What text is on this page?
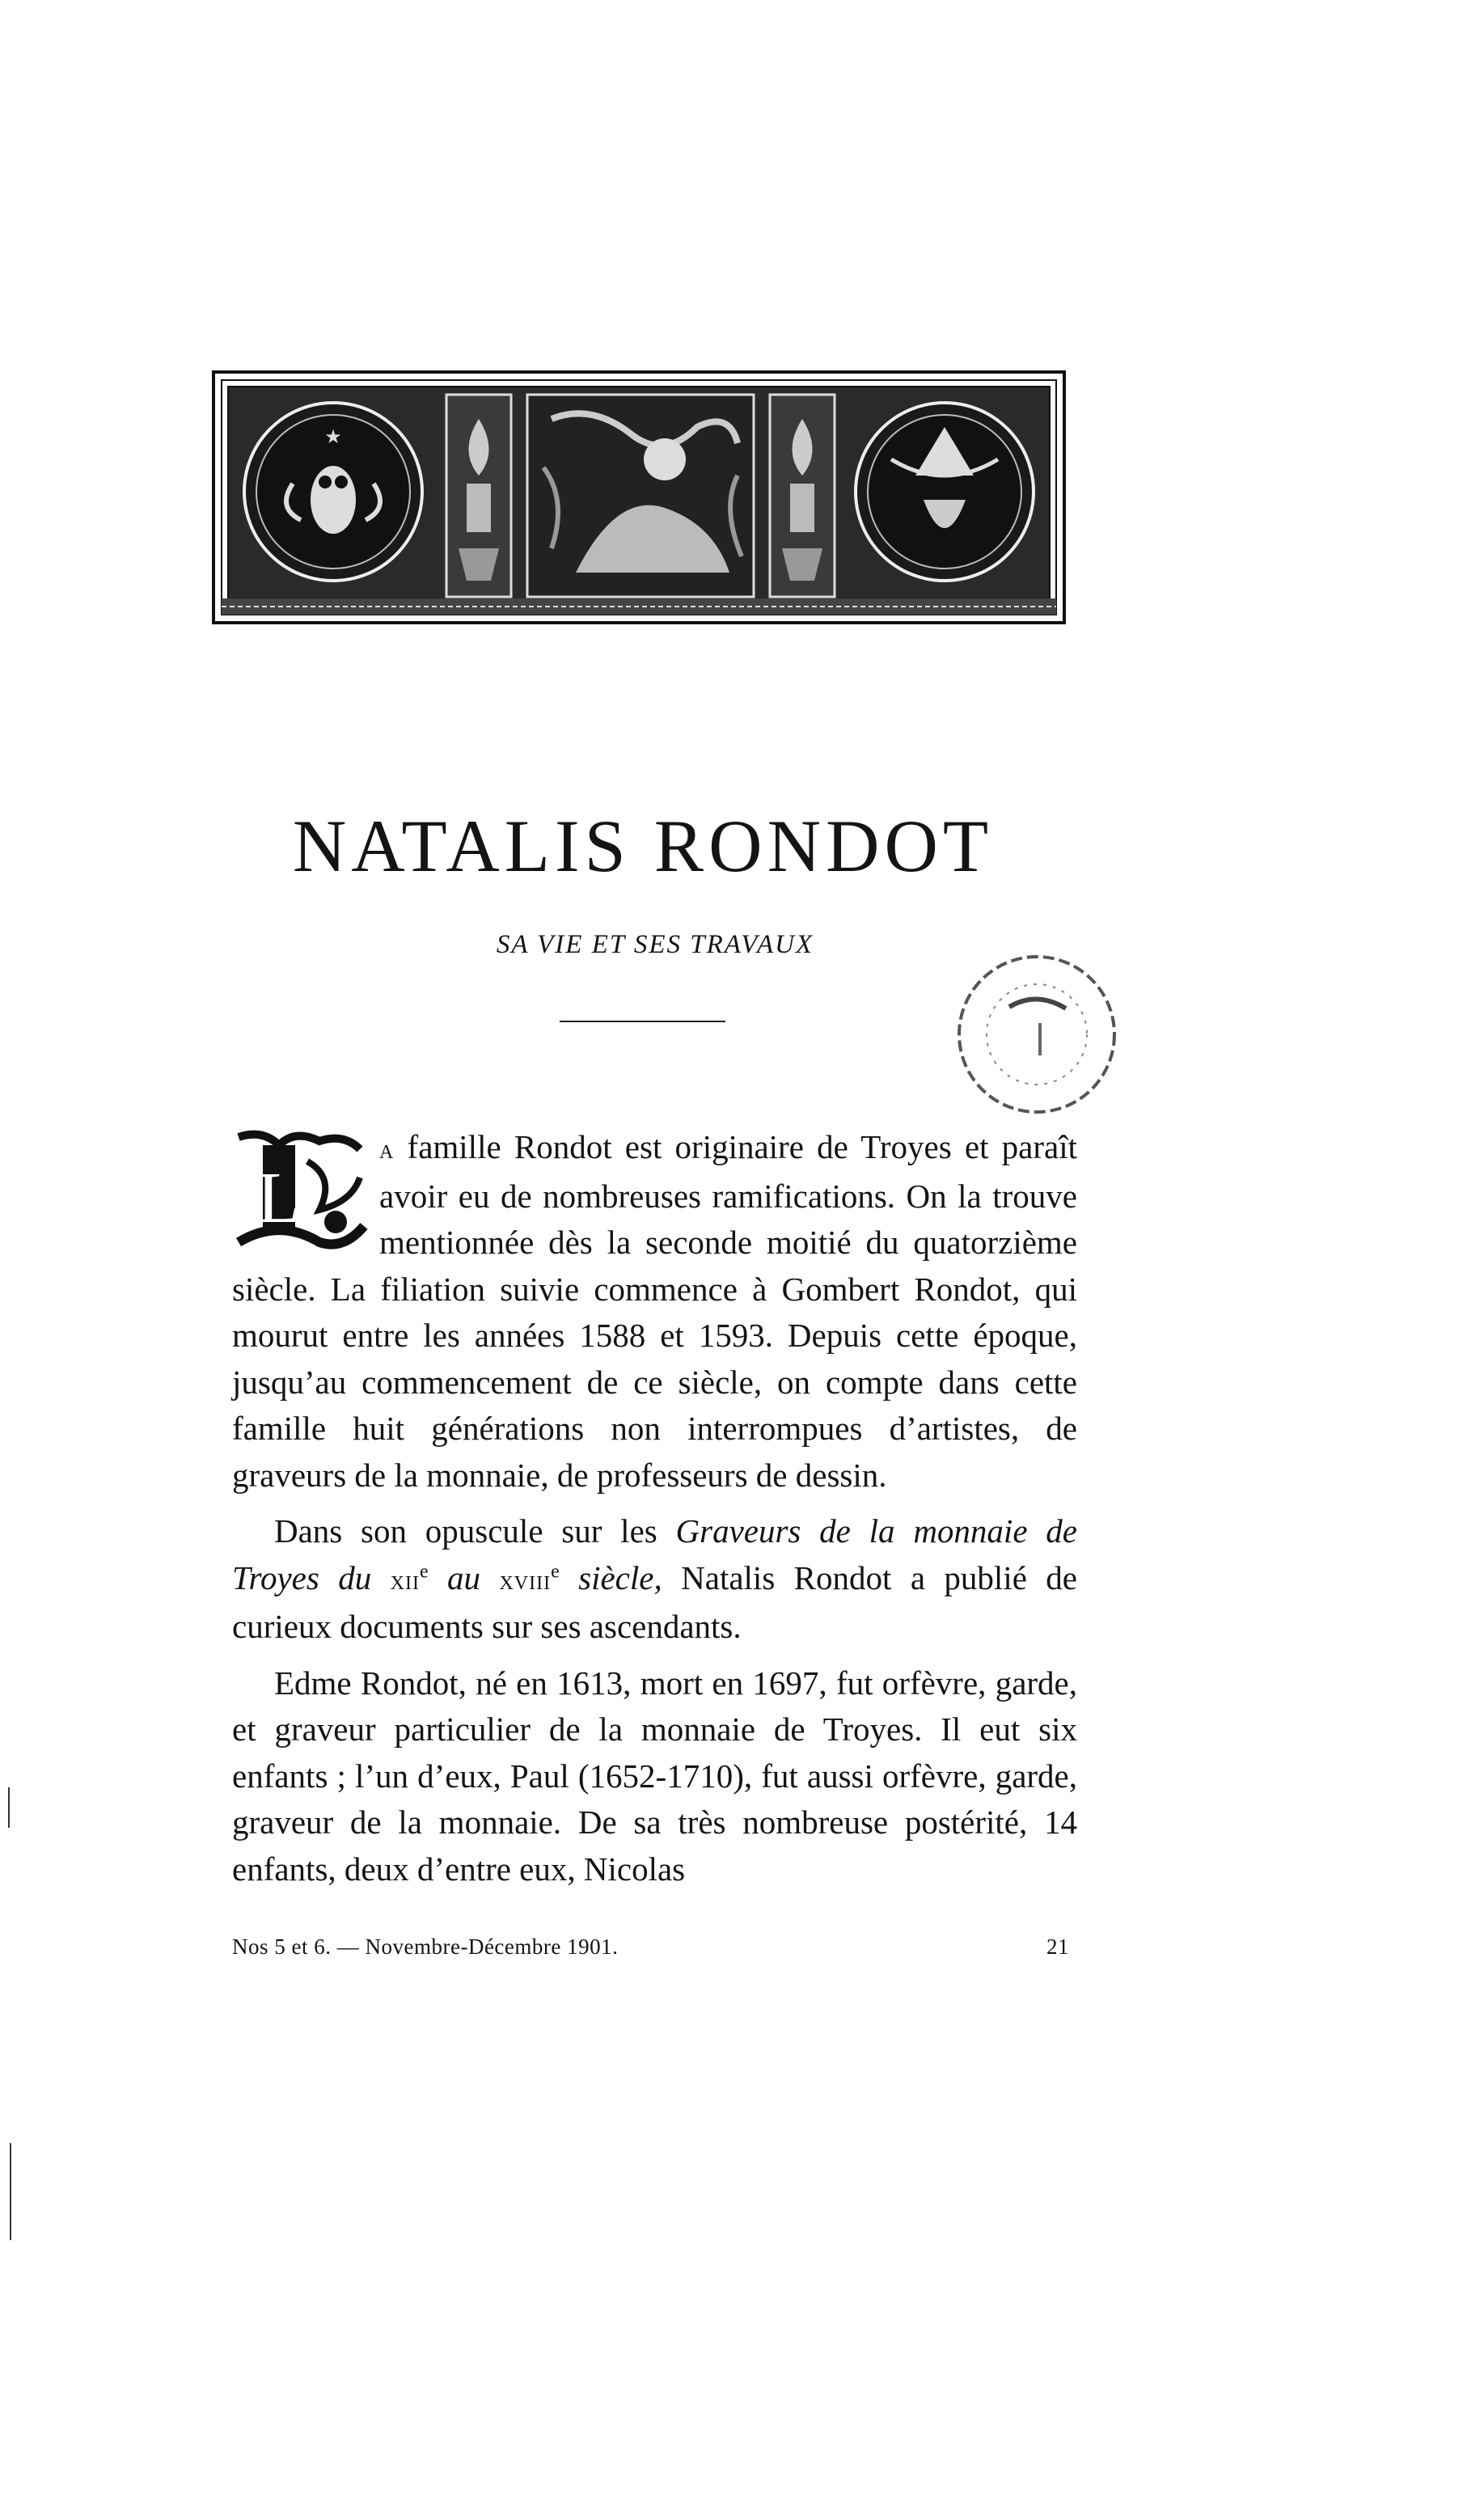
★
NATALIS RONDOT

SA VIE ET SES TRAVAUX

L
a famille Rondot est originaire de Troyes et paraît avoir eu de nombreuses ramifications. On la trouve mentionnée dès la seconde moitié du quatorzième siècle. La filiation suivie commence à Gombert Rondot, qui mourut entre les années 1588 et 1593. Depuis cette époque, jusqu’au commencement de ce siècle, on compte dans cette famille huit générations non interrompues d’artistes, de graveurs de la monnaie, de professeurs de dessin.

Dans son opuscule sur les Graveurs de la monnaie de Troyes du xii$^e$ au xviii$^e$ siècle, Natalis Rondot a publié de curieux documents sur ses ascendants.

Edme Rondot, né en 1613, mort en 1697, fut orfèvre, garde, et graveur particulier de la monnaie de Troyes. Il eut six enfants ; l’un d’eux, Paul (1652-1710), fut aussi orfèvre, garde, graveur de la monnaie. De sa très nombreuse postérité, 14 enfants, deux d’entre eux, Nicolas

Nos 5 et 6. — Novembre-Décembre 1901.	21
